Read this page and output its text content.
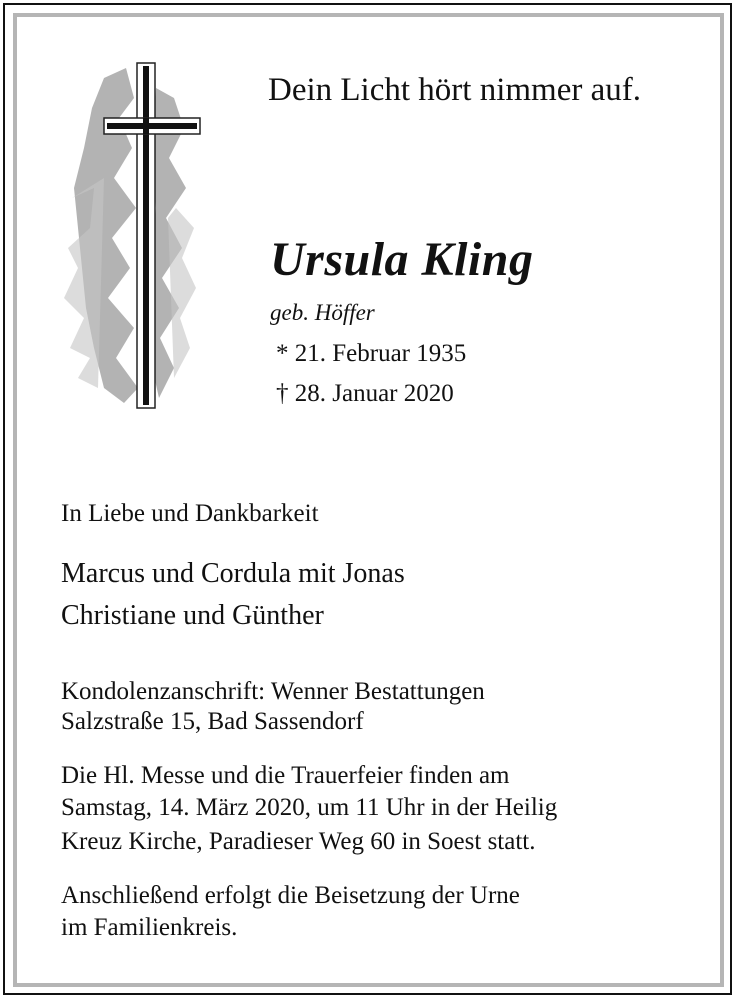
Dein Licht hört nimmer auf.
Ursula Kling
geb. Höffer
* 21. Februar 1935
† 28. Januar 2020
In Liebe und Dankbarkeit
Marcus und Cordula mit Jonas
Christiane und Günther
Kondolenzanschrift: Wenner Bestattungen
Salzstraße 15, Bad Sassendorf
Die Hl. Messe und die Trauerfeier finden am
Samstag, 14. März 2020, um 11 Uhr in der Heilig
Kreuz Kirche, Paradieser Weg 60 in Soest statt.
Anschließend erfolgt die Beisetzung der Urne
im Familienkreis.
